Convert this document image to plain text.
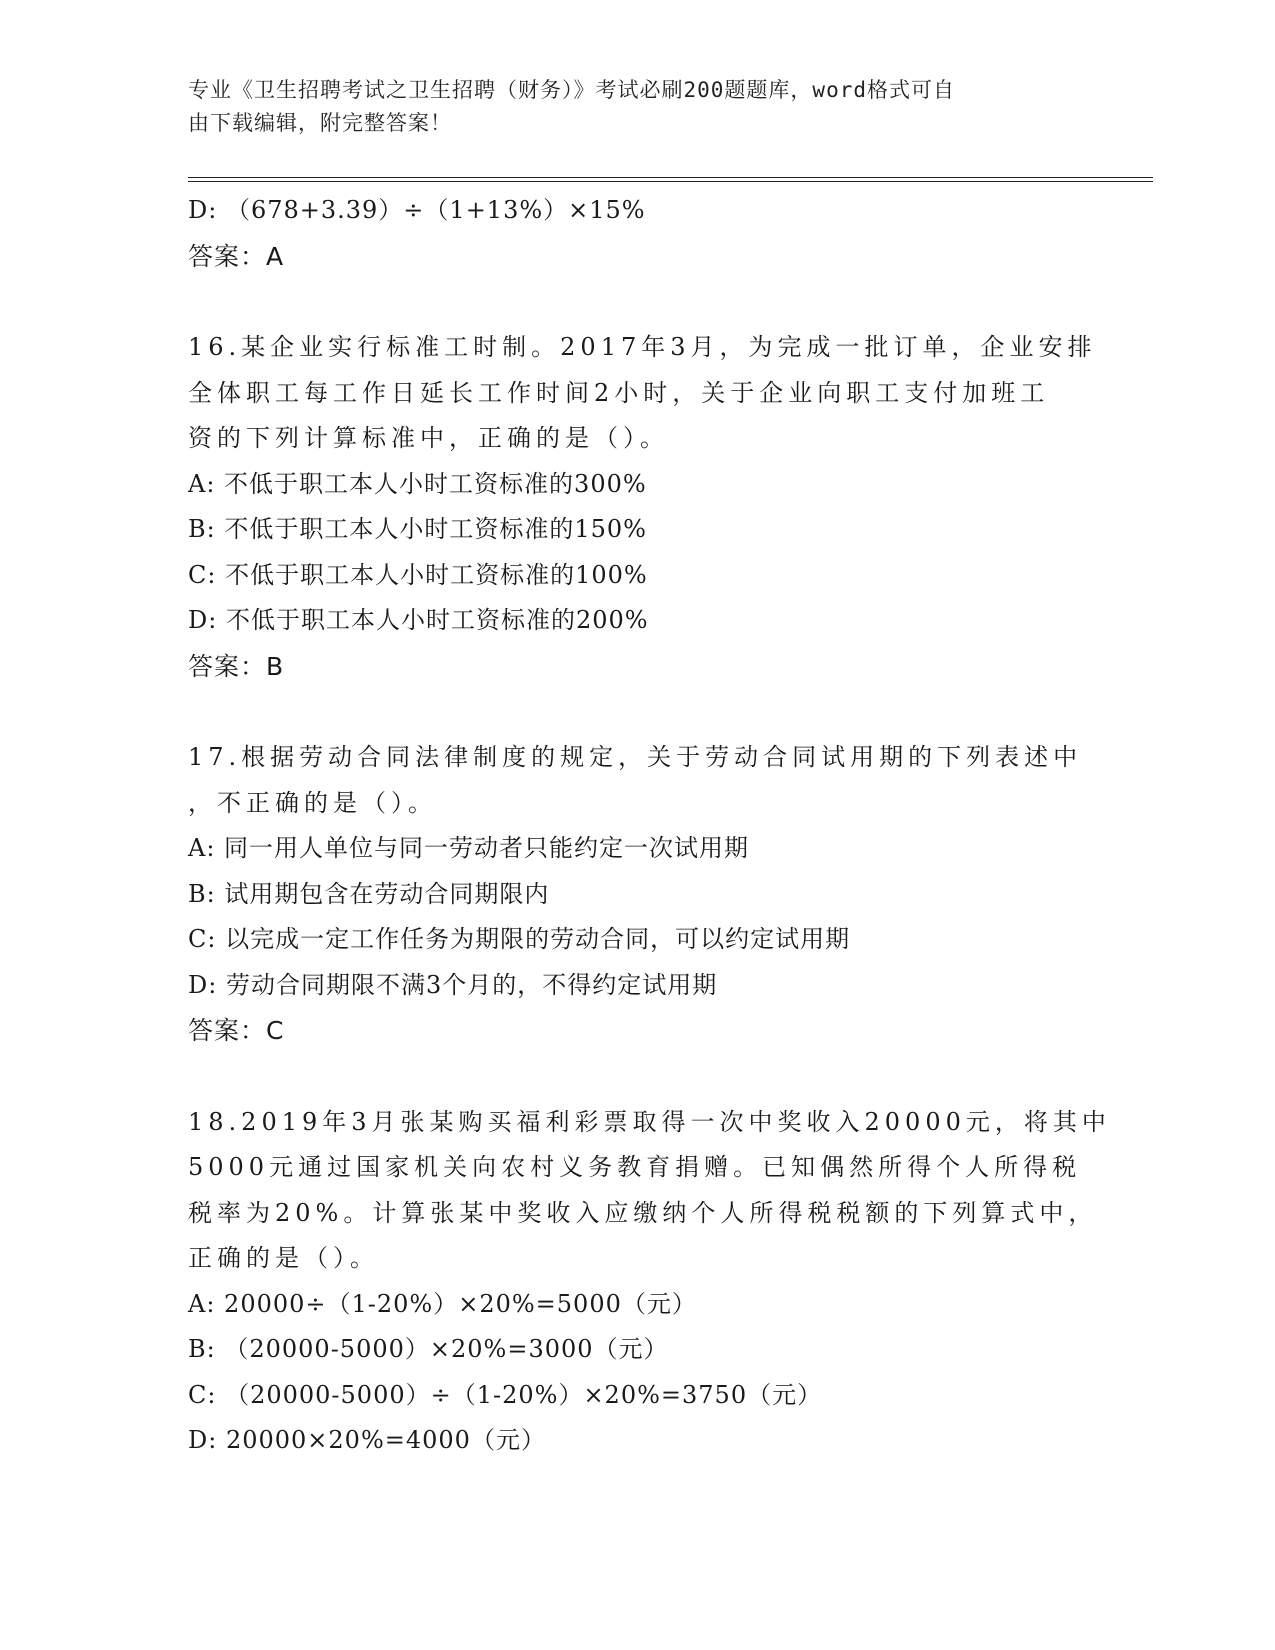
专业《卫生招聘考试之卫生招聘（财务）》考试必刷200题题库，word格式可自
由下载编辑，附完整答案！
D: （678+3.39）÷（1+13%）×15%
答案：A
16.某企业实行标准工时制。2017年3月，为完成一批订单，企业安排
全体职工每工作日延长工作时间2小时，关于企业向职工支付加班工
资的下列计算标准中，正确的是（）。
A: 不低于职工本人小时工资标准的300%
B: 不低于职工本人小时工资标准的150%
C: 不低于职工本人小时工资标准的100%
D: 不低于职工本人小时工资标准的200%
答案：B
17.根据劳动合同法律制度的规定，关于劳动合同试用期的下列表述中
，不正确的是（）。
A: 同一用人单位与同一劳动者只能约定一次试用期
B: 试用期包含在劳动合同期限内
C: 以完成一定工作任务为期限的劳动合同，可以约定试用期
D: 劳动合同期限不满3个月的，不得约定试用期
答案：C
18.2019年3月张某购买福利彩票取得一次中奖收入20000元，将其中
5000元通过国家机关向农村义务教育捐赠。已知偶然所得个人所得税
税率为20%。计算张某中奖收入应缴纳个人所得税税额的下列算式中，
正确的是（）。
A: 20000÷（1-20%）×20%=5000（元）
B: （20000-5000）×20%=3000（元）
C: （20000-5000）÷（1-20%）×20%=3750（元）
D: 20000×20%=4000（元）
